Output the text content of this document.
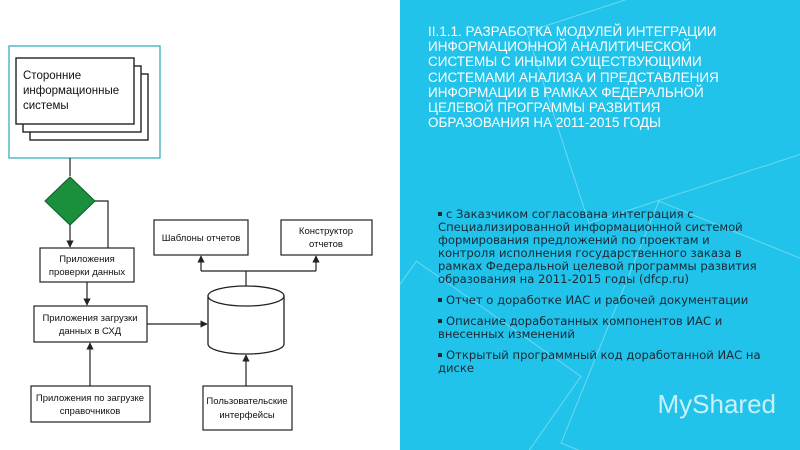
Сторонние
информационные
системы
Приложения
проверки данных
Приложения загрузки
данных в СХД
Приложения по загрузке
справочников
Шаблоны отчетов
Конструктор
отчетов
Пользовательские
интерфейсы
II.1.1. РАЗРАБОТКА МОДУЛЕЙ ИНТЕГРАЦИИ ИНФОРМАЦИОННОЙ АНАЛИТИЧЕСКОЙ СИСТЕМЫ С ИНЫМИ СУЩЕСТВУЮЩИМИ СИСТЕМАМИ АНАЛИЗА И ПРЕДСТАВЛЕНИЯ ИНФОРМАЦИИ В РАМКАХ ФЕДЕРАЛЬНОЙ ЦЕЛЕВОЙ ПРОГРАММЫ РАЗВИТИЯ ОБРАЗОВАНИЯ НА 2011-2015 ГОДЫ
с Заказчиком согласована интеграция с Специализированной информационной системой формирования предложений по проектам и контроля исполнения государственного заказа в рамках Федеральной целевой программы развития образования на 2011-2015 годы (dfcp.ru)
Отчет о доработке ИАС и рабочей документации
Описание доработанных компонентов ИАС и внесенных изменений
Открытый программный код доработанной ИАС на диске
MyShared
